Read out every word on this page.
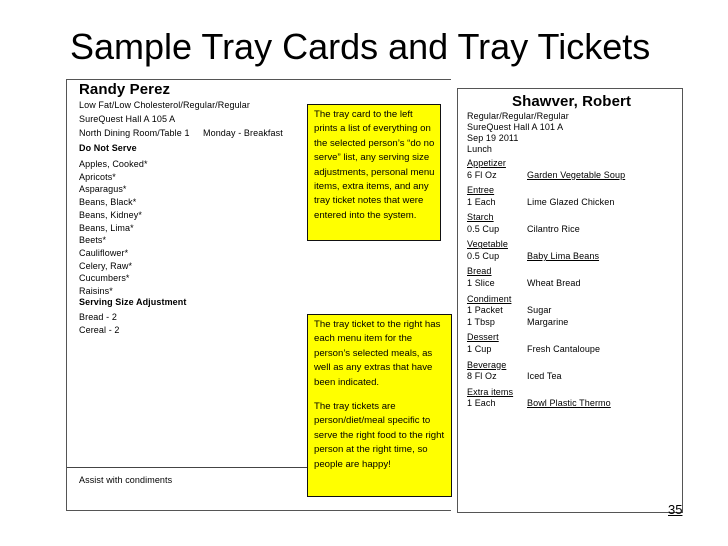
Sample Tray Cards and Tray Tickets
Randy Perez
Low Fat/Low Cholesterol/Regular/Regular
SureQuest Hall A 105 A
North Dining Room/Table 1 Monday - Breakfast
Do Not Serve
Serving Size Adjustment
Assist with condiments
Apples, Cooked*
Apricots*
Asparagus*
Beans, Black*
Beans, Kidney*
Beans, Lima*
Beets*
Cauliflower*
Celery, Raw*
Cucumbers*
Raisins*
Bread - 2
Cereal - 2
Shawver, Robert
Regular/Regular/Regular
SureQuest Hall A 101 A
Sep 19 2011
Lunch
Appetizer
6 Fl Oz	Garden Vegetable Soup
Entree
1 Each	Lime Glazed Chicken
Starch
0.5 Cup	Cilantro Rice
Vegetable
0.5 Cup	Baby Lima Beans
Bread
1 Slice	Wheat Bread
Condiment
1 Packet	Sugar
1 Tbsp	Margarine
Dessert
1 Cup	Fresh Cantaloupe
Beverage
8 Fl Oz	Iced Tea
Extra items
1 Each	Bowl Plastic Thermo

The tray card to the left prints a list of everything on the selected person’s “do no serve” list, any serving size adjustments, personal menu items, extra items, and any tray ticket notes that were entered into the system.

The tray ticket to the right has each menu item for the person’s selected meals, as well as any extras that have been indicated.

The tray tickets are person/diet/meal specific to serve the right food to the right person at the right time, so people are happy!

35
